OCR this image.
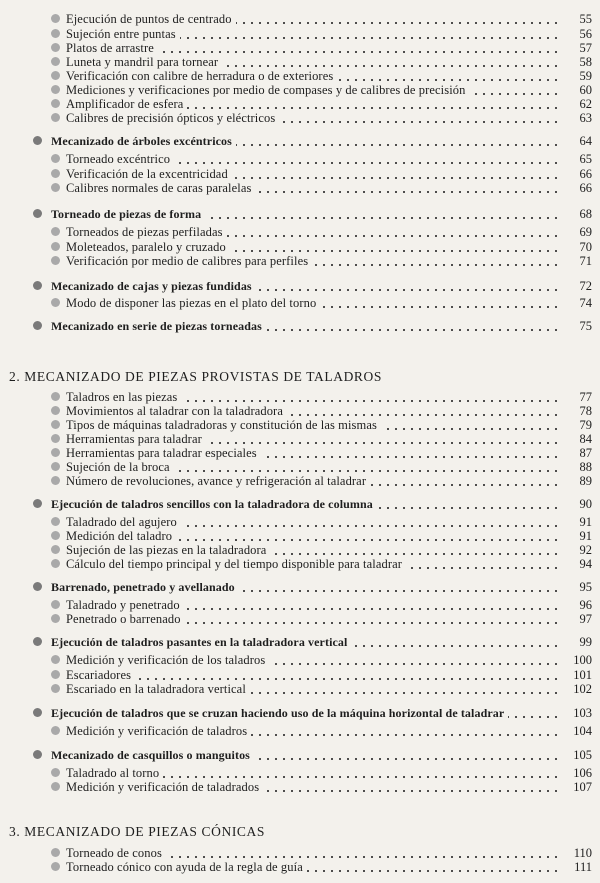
2. MECANIZADO DE PIEZAS PROVISTAS DE TALADROS
3. MECANIZADO DE PIEZAS CÓNICAS
Ejecución de puntos de centrado	55
Sujeción entre puntas	56
Platos de arrastre	57
Luneta y mandril para tornear	58
Verificación con calibre de herradura o de exteriores	59
Mediciones y verificaciones por medio de compases y de calibres de precisión	60
Amplificador de esfera	62
Calibres de precisión ópticos y eléctricos	63
Mecanizado de árboles excéntricos	64
Torneado excéntrico	65
Verificación de la excentricidad	66
Calibres normales de caras paralelas	66
Torneado de piezas de forma	68
Torneados de piezas perfiladas	69
Moleteados, paralelo y cruzado	70
Verificación por medio de calibres para perfiles	71
Mecanizado de cajas y piezas fundidas	72
Modo de disponer las piezas en el plato del torno	74
Mecanizado en serie de piezas torneadas	75
Taladros en las piezas	77
Movimientos al taladrar con la taladradora	78
Tipos de máquinas taladradoras y constitución de las mismas	79
Herramientas para taladrar	84
Herramientas para taladrar especiales	87
Sujeción de la broca	88
Número de revoluciones, avance y refrigeración al taladrar	89
Ejecución de taladros sencillos con la taladradora de columna	90
Taladrado del agujero	91
Medición del taladro	91
Sujeción de las piezas en la taladradora	92
Cálculo del tiempo principal y del tiempo disponible para taladrar	94
Barrenado, penetrado y avellanado	95
Taladrado y penetrado	96
Penetrado o barrenado	97
Ejecución de taladros pasantes en la taladradora vertical	99
Medición y verificación de los taladros	100
Escariadores	101
Escariado en la taladradora vertical	102
Ejecución de taladros que se cruzan haciendo uso de la máquina horizontal de taladrar	103
Medición y verificación de taladros	104
Mecanizado de casquillos o manguitos	105
Taladrado al torno	106
Medición y verificación de taladrados	107
Torneado de conos	110
Torneado cónico con ayuda de la regla de guía	111
